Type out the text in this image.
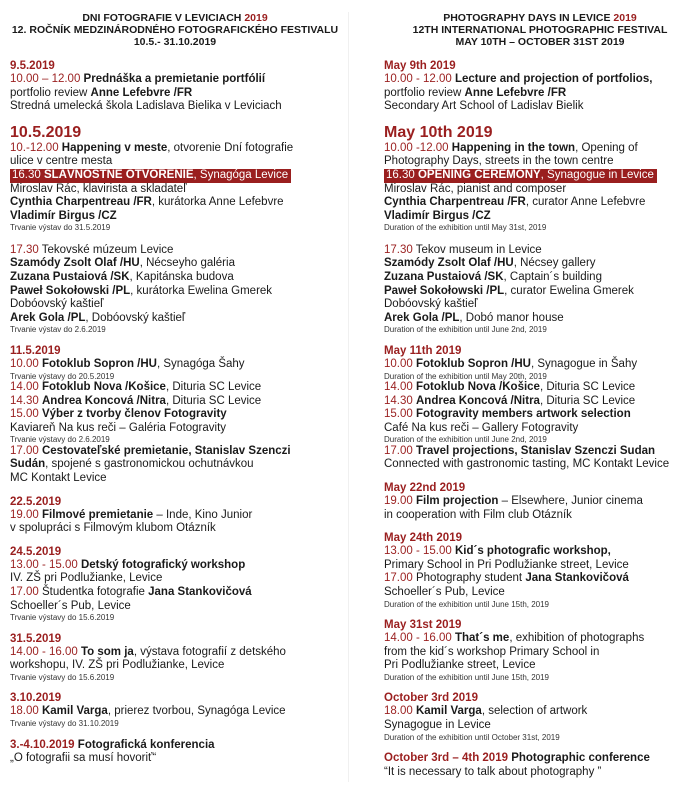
DNI FOTOGRAFIE V LEVICIACH 2019
12. ROČNÍK MEDZINÁRODNÉHO FOTOGRAFICKÉHO FESTIVALU
10.5.- 31.10.2019
9.5.2019
10.00 – 12.00 Prednáška a premietanie portfólií
portfolio review Anne Lefebvre /FR
Stredná umelecká škola Ladislava Bielika v Leviciach
10.5.2019
10.-12.00 Happening v meste, otvorenie Dní fotografie
ulice v centre mesta
16.30 SLÁVNOSTNÉ OTVORENIE, Synagóga Levice
Miroslav Rác, klavirista a skladateľ
Cynthia Charpentreau /FR, kurátorka Anne Lefebvre
Vladimír Birgus /CZ
Trvanie výstav do 31.5.2019
17.30 Tekovské múzeum Levice
Szamódy Zsolt Olaf /HU, Nécseyho galéria
Zuzana Pustaiová /SK, Kapitánska budova
Paweł Sokołowski /PL, kurátorka Ewelina Gmerek
Dobóovský kaštieľ
Arek Gola /PL, Dobóovský kaštieľ
Trvanie výstav do 2.6.2019
11.5.2019
10.00 Fotoklub Sopron /HU, Synagóga Šahy
Trvanie výstavy do 20.5.2019
14.00 Fotoklub Nova /Košice, Dituria SC Levice
14.30 Andrea Koncová /Nitra, Dituria SC Levice
15.00 Výber z tvorby členov Fotogravity
Kaviareň Na kus reči – Galéria Fotogravity
Trvanie výstavy do 2.6.2019
17.00 Cestovateľské premietanie, Stanislav Szenczi
Sudán, spojené s gastronomickou ochutnávkou
MC Kontakt Levice
22.5.2019
19.00 Filmové premietanie – Inde, Kino Junior
v spolupráci s Filmovým klubom Otázník
24.5.2019
13.00 - 15.00 Detský fotografický workshop
IV. ZŠ pri Podlužianke, Levice
17.00 Študentka fotografie Jana Stankovičová
Schoeller´s Pub, Levice
Trvanie výstavy do 15.6.2019
31.5.2019
14.00 - 16.00 To som ja, výstava fotografií z detského
workshopu, IV. ZŠ pri Podlužianke, Levice
Trvanie výstavy do 15.6.2019
3.10.2019
18.00 Kamil Varga, prierez tvorbou, Synagóga Levice
Trvanie výstavy do 31.10.2019
3.-4.10.2019 Fotografická konferencia
„O fotografii sa musí hovoriť“
PHOTOGRAPHY DAYS IN LEVICE 2019
12TH INTERNATIONAL PHOTOGRAPHIC FESTIVAL
MAY 10TH – OCTOBER 31ST 2019
May 9th 2019
10.00 - 12.00 Lecture and projection of portfolios,
portfolio review Anne Lefebvre /FR
Secondary Art School of Ladislav Bielik
May 10th 2019
10.00 -12.00 Happening in the town, Opening of
Photography Days, streets in the town centre
16.30 OPENING CEREMONY, Synagogue in Levice
Miroslav Rác, pianist and composer
Cynthia Charpentreau /FR, curator Anne Lefebvre
Vladimír Birgus /CZ
Duration of the exhibition until May 31st, 2019
17.30 Tekov museum in Levice
Szamódy Zsolt Olaf /HU, Nécsey gallery
Zuzana Pustaiová /SK, Captain´s building
Paweł Sokołowski /PL, curator Ewelina Gmerek
Dobóovský kaštieľ
Arek Gola /PL, Dobó manor house
Duration of the exhibition until June 2nd, 2019
May 11th 2019
10.00 Fotoklub Sopron /HU, Synagogue in Šahy
Duration of the exhibition until May 20th, 2019
14.00 Fotoklub Nova /Košice, Dituria SC Levice
14.30 Andrea Koncová /Nitra, Dituria SC Levice
15.00 Fotogravity members artwork selection
Café Na kus reči – Gallery Fotogravity
Duration of the exhibition until June 2nd, 2019
17.00 Travel projections, Stanislav Szenczi Sudan
Connected with gastronomic tasting, MC Kontakt Levice
May 22nd 2019
19.00 Film projection – Elsewhere, Junior cinema
in cooperation with Film club Otázník
May 24th 2019
13.00 - 15.00 Kid´s photografic workshop,
Primary School in Pri Podlužianke street, Levice
17.00 Photography student Jana Stankovičová
Schoeller´s Pub, Levice
Duration of the exhibition until June 15th, 2019
May 31st 2019
14.00 - 16.00 That´s me, exhibition of photographs
from the kid´s workshop Primary School in
Pri Podlužianke street, Levice
Duration of the exhibition until June 15th, 2019
October 3rd 2019
18.00 Kamil Varga, selection of artwork
Synagogue in Levice
Duration of the exhibition until October 31st, 2019
October 3rd – 4th 2019 Photographic conference
“It is necessary to talk about photography ”
